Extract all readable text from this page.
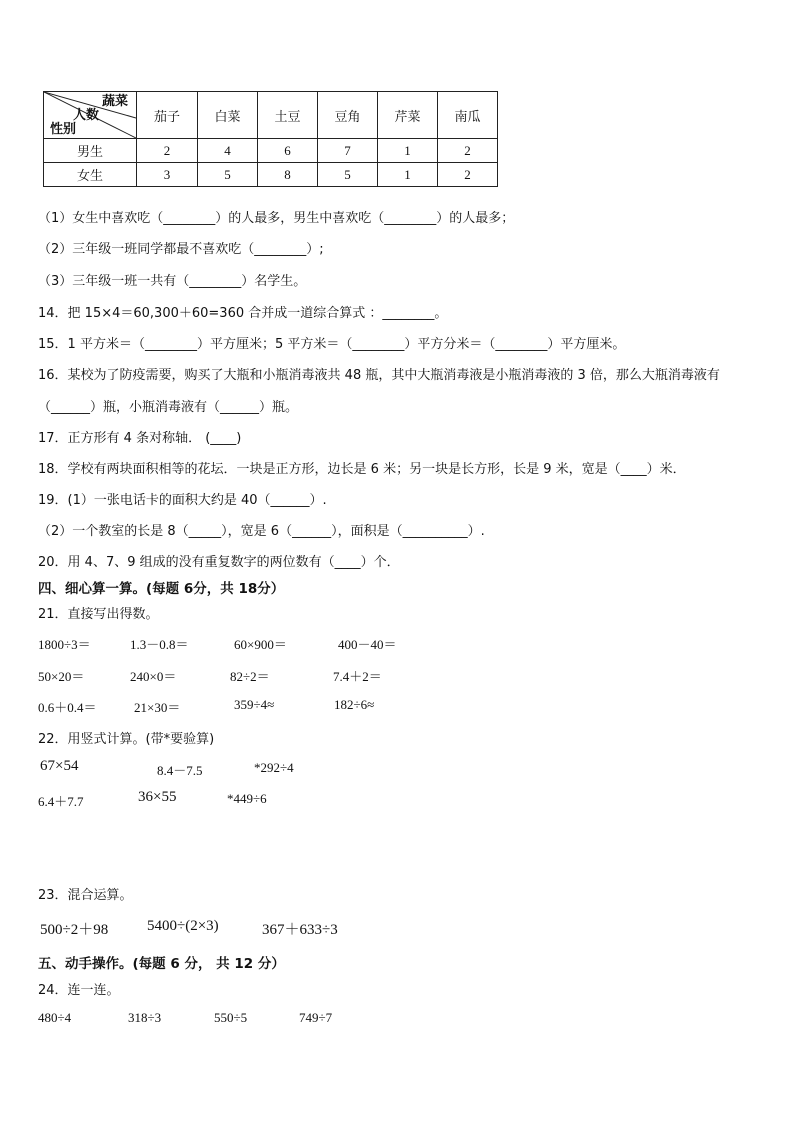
蔬菜
人数
性别	茄子	白菜	土豆	豆角	芹菜	南瓜
男生	2	4	6	7	1	2
女生	3	5	8	5	1	2
（1）女生中喜欢吃（________）的人最多，男生中喜欢吃（________）的人最多；
（2）三年级一班同学都最不喜欢吃（________）;
（3）三年级一班一共有（________）名学生。
14．把 15×4＝60,300＋60=360 合并成一道综合算式 ：________。
15．1 平方米＝（________）平方厘米；5 平方米＝（________）平方分米＝（________）平方厘米。
16．某校为了防疫需要，购买了大瓶和小瓶消毒液共 48 瓶，其中大瓶消毒液是小瓶消毒液的 3 倍，那么大瓶消毒液有
（______）瓶，小瓶消毒液有（______）瓶。
17．正方形有 4 条对称轴． (____)
18．学校有两块面积相等的花坛．一块是正方形，边长是 6 米；另一块是长方形，长是 9 米，宽是（____）米．
19．(1）一张电话卡的面积大约是 40（______）.
（2）一个教室的长是 8（_____），宽是 6（______），面积是（__________）.
20．用 4、7、9 组成的没有重复数字的两位数有（____）个．
四、细心算一算。(每题 6分，共 18分）
21．直接写出得数。
1800÷3＝	1.3－0.8＝	60×900＝	400－40＝
50×20＝	240×0＝	82÷2＝	7.4＋2＝
0.6＋0.4＝	21×30＝	359÷4≈	182÷6≈
22．用竖式计算。(带*要验算)
67×54	8.4－7.5	*292÷4
6.4＋7.7	36×55	*449÷6
23．混合运算。
500÷2＋98	5400÷(2×3)	367＋633÷3
五、动手操作。(每题 6 分， 共 12 分）
24．连一连。
480÷4	318÷3	550÷5	749÷7
